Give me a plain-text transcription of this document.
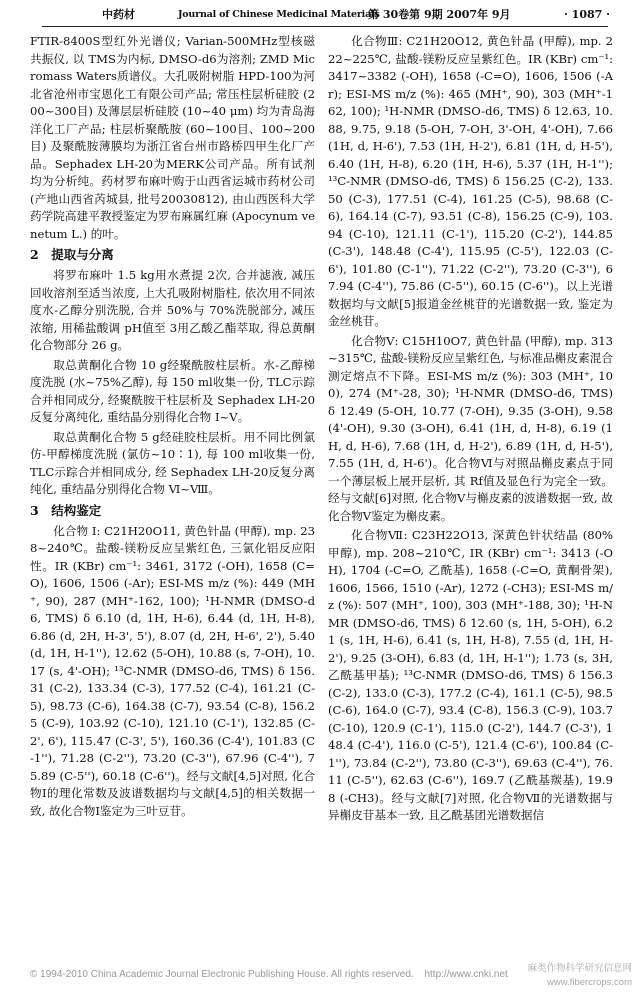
中药材	Journal of Chinese Medicinal Materials
第 30卷第 9期 2007年 9月	· 1087 ·

FTIR-8400S型红外光谱仪; Varian-500MHz型核磁共振仪, 以 TMS为内标, DMSO-d6为溶剂; ZMD Micromass Waters质谱仪。大孔吸附树脂 HPD-100为河北省沧州市宝恩化工有限公司产品; 常压柱层析硅胶 (200~300目) 及薄层层析硅胶 (10~40 μm) 均为青岛海洋化工厂产品; 柱层析聚酰胺 (60~100目、100~200目) 及聚酰胺薄膜均为浙江省台州市路桥四甲生化厂产品。Sephadex LH-20为MERK公司产品。所有试剂均为分析纯。药材罗布麻叶购于山西省运城市药材公司 (产地山西省芮城县, 批号20030812), 由山西医科大学药学院高建平教授鉴定为罗布麻属红麻 (Apocynum venetum L.) 的叶。

2　提取与分离

将罗布麻叶 1.5 kg用水煮提 2次, 合并滤液, 减压回收溶剂至适当浓度, 上大孔吸附树脂柱, 依次用不同浓度水-乙醇分别洗脱, 合并 50%与 70%洗脱部分, 减压浓缩, 用稀盐酸调 pH值至 3用乙酸乙酯萃取, 得总黄酮化合物部分 26 g。

取总黄酮化合物 10 g经聚酰胺柱层析。水-乙醇梯度洗脱 (水~75%乙醇), 每 150 ml收集一份, TLC示踪合并相同成分, 经聚酰胺干柱层析及 Sephadex LH-20反复分离纯化, 重结晶分别得化合物 Ⅰ~Ⅴ。

取总黄酮化合物 5 g经硅胶柱层析。用不同比例氯仿-甲醇梯度洗脱 (氯仿~10∶1), 每 100 ml收集一份, TLC示踪合并相同成分, 经 Sephadex LH-20反复分离纯化, 重结晶分别得化合物 Ⅵ~Ⅷ。

3　结构鉴定

化合物 Ⅰ: C21H20O11, 黄色针晶 (甲醇), mp. 238~240℃。盐酸-镁粉反应呈紫红色, 三氯化铝反应阳性。IR (KBr) cm⁻¹: 3461, 3172 (-OH), 1658 (C=O), 1606, 1506 (-Ar); ESI-MS m/z (%): 449 (MH⁺, 90), 287 (MH⁺-162, 100); ¹H-NMR (DMSO-d6, TMS) δ 6.10 (d, 1H, H-6), 6.44 (d, 1H, H-8), 6.86 (d, 2H, H-3', 5'), 8.07 (d, 2H, H-6', 2'), 5.40 (d, 1H, H-1''), 12.62 (5-OH), 10.88 (s, 7-OH), 10.17 (s, 4'-OH); ¹³C-NMR (DMSO-d6, TMS) δ 156.31 (C-2), 133.34 (C-3), 177.52 (C-4), 161.21 (C-5), 98.73 (C-6), 164.38 (C-7), 93.54 (C-8), 156.25 (C-9), 103.92 (C-10), 121.10 (C-1'), 132.85 (C-2', 6'), 115.47 (C-3', 5'), 160.36 (C-4'), 101.83 (C-1''), 71.28 (C-2''), 73.20 (C-3''), 67.96 (C-4''), 75.89 (C-5''), 60.18 (C-6'')。经与文献[4,5]对照, 化合物Ⅰ的理化常数及波谱数据均与文献[4,5]的相关数据一致, 故化合物Ⅰ鉴定为三叶豆苷。

化合物Ⅲ: C21H20O12, 黄色针晶 (甲醇), mp. 222~225℃, 盐酸-镁粉反应呈紫红色。IR (KBr) cm⁻¹: 3417~3382 (-OH), 1658 (-C=O), 1606, 1506 (-Ar); ESI-MS m/z (%): 465 (MH⁺, 90), 303 (MH⁺-162, 100); ¹H-NMR (DMSO-d6, TMS) δ 12.63, 10.88, 9.75, 9.18 (5-OH, 7-OH, 3'-OH, 4'-OH), 7.66 (1H, d, H-6'), 7.53 (1H, H-2'), 6.81 (1H, d, H-5'), 6.40 (1H, H-8), 6.20 (1H, H-6), 5.37 (1H, H-1''); ¹³C-NMR (DMSO-d6, TMS) δ 156.25 (C-2), 133.50 (C-3), 177.51 (C-4), 161.25 (C-5), 98.68 (C-6), 164.14 (C-7), 93.51 (C-8), 156.25 (C-9), 103.94 (C-10), 121.11 (C-1'), 115.20 (C-2'), 144.85 (C-3'), 148.48 (C-4'), 115.95 (C-5'), 122.03 (C-6'), 101.80 (C-1''), 71.22 (C-2''), 73.20 (C-3''), 67.94 (C-4''), 75.86 (C-5''), 60.15 (C-6'')。以上光谱数据均与文献[5]报道金丝桃苷的光谱数据一致, 鉴定为金丝桃苷。

化合物Ⅴ: C15H10O7, 黄色针晶 (甲醇), mp. 313~315℃, 盐酸-镁粉反应呈紫红色, 与标准品槲皮素混合测定熔点不下降。ESI-MS m/z (%): 303 (MH⁺, 100), 274 (M⁺-28, 30); ¹H-NMR (DMSO-d6, TMS) δ 12.49 (5-OH, 10.77 (7-OH), 9.35 (3-OH), 9.58 (4'-OH), 9.30 (3-OH), 6.41 (1H, d, H-8), 6.19 (1H, d, H-6), 7.68 (1H, d, H-2'), 6.89 (1H, d, H-5'), 7.55 (1H, d, H-6')。化合物Ⅵ与对照品槲皮素点于同一个薄层板上展开层析, 其 Rf值及显色行为完全一致。经与文献[6]对照, 化合物Ⅴ与槲皮素的波谱数据一致, 故化合物Ⅴ鉴定为槲皮素。

化合物Ⅶ: C23H22O13, 深黄色针状结晶 (80%甲醇), mp. 208~210℃, IR (KBr) cm⁻¹: 3413 (-OH), 1704 (-C=O, 乙酰基), 1658 (-C=O, 黄酮骨架), 1606, 1566, 1510 (-Ar), 1272 (-CH3); ESI-MS m/z (%): 507 (MH⁺, 100), 303 (MH⁺-188, 30); ¹H-NMR (DMSO-d6, TMS) δ 12.60 (s, 1H, 5-OH), 6.21 (s, 1H, H-6), 6.41 (s, 1H, H-8), 7.55 (d, 1H, H-2'), 9.25 (3-OH), 6.83 (d, 1H, H-1''); 1.73 (s, 3H, 乙酰基甲基); ¹³C-NMR (DMSO-d6, TMS) δ 156.3 (C-2), 133.0 (C-3), 177.2 (C-4), 161.1 (C-5), 98.5 (C-6), 164.0 (C-7), 93.4 (C-8), 156.3 (C-9), 103.7 (C-10), 120.9 (C-1'), 115.0 (C-2'), 144.7 (C-3'), 148.4 (C-4'), 116.0 (C-5'), 121.4 (C-6'), 100.84 (C-1''), 73.84 (C-2''), 73.80 (C-3''), 69.63 (C-4''), 76.11 (C-5''), 62.63 (C-6''), 169.7 (乙酰基羰基), 19.98 (-CH3)。经与文献[7]对照, 化合物Ⅶ的光谱数据与异槲皮苷基本一致, 且乙酰基团光谱数据信

© 1994-2010 China Academic Journal Electronic Publishing House. All rights reserved. http://www.cnki.net
麻类作物科学研究信息网
www.fibercrops.com
